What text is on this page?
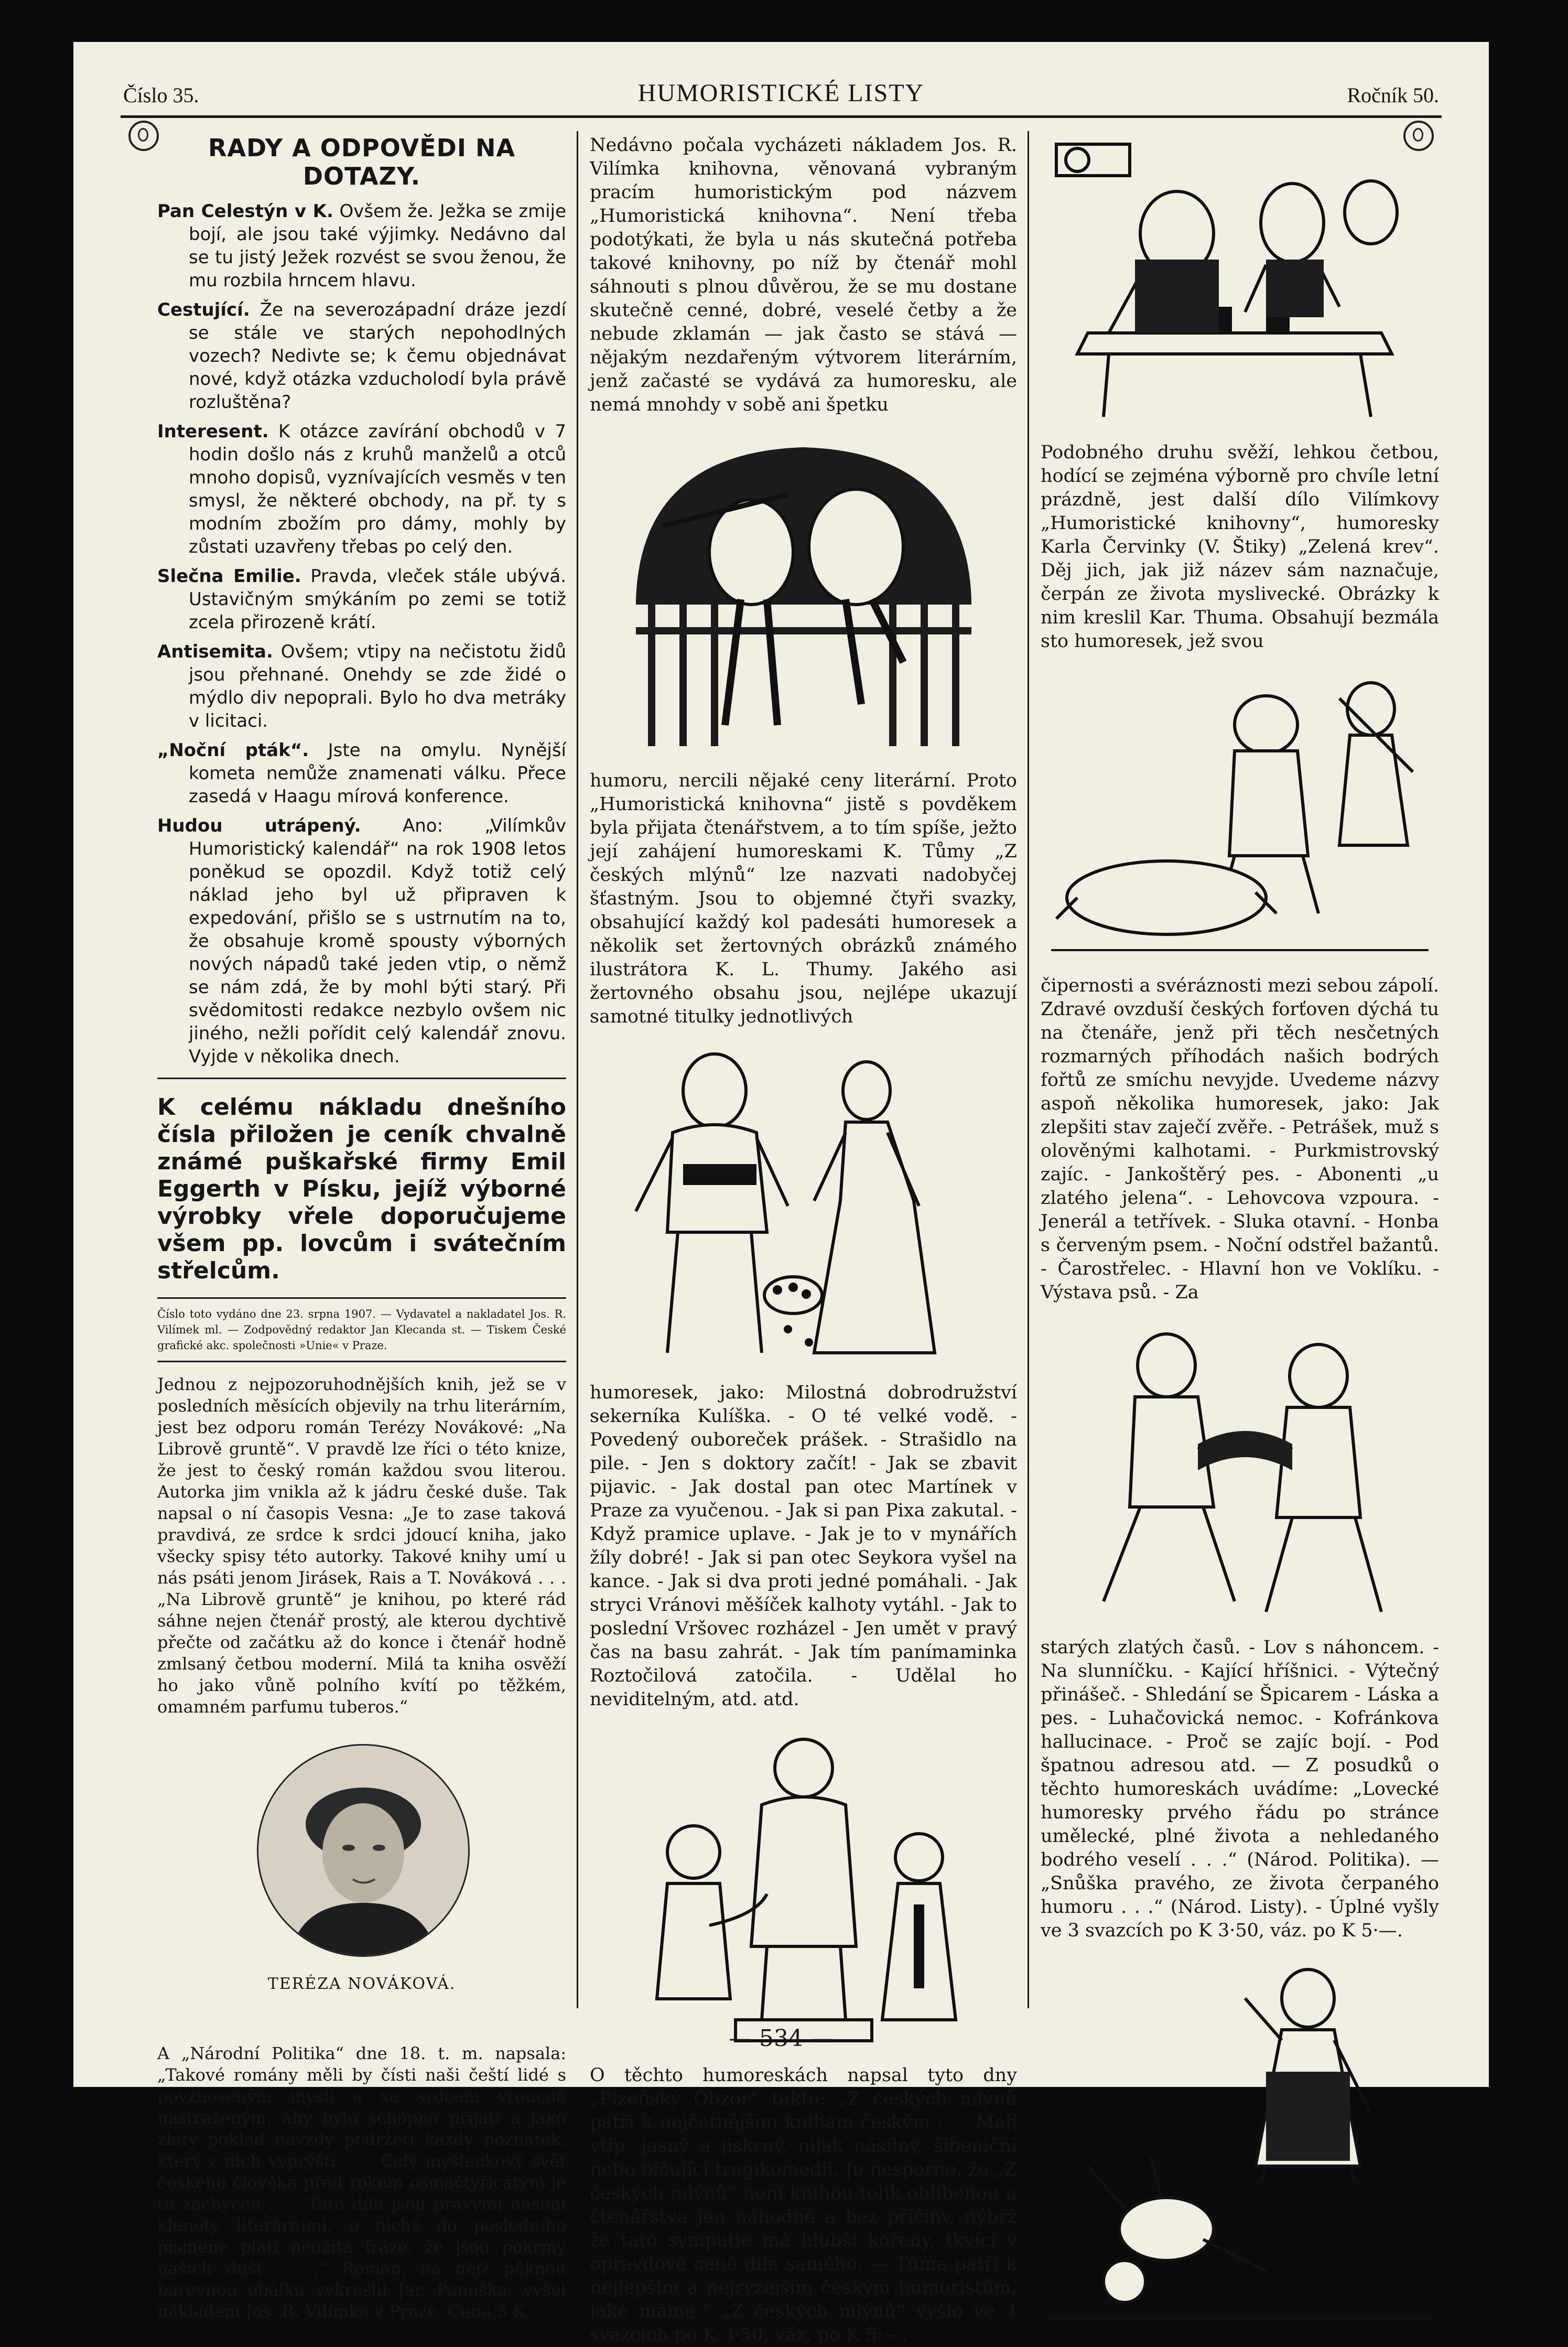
Číslo 35.	HUMORISTICKÉ LISTY	Ročník 50.

RADY A ODPOVĚDI NA DOTAZY.

Pan Celestýn v K. Ovšem že. Ježka se zmije bojí, ale jsou také výjimky. Nedávno dal se tu jistý Ježek rozvést se svou ženou, že mu rozbila hrncem hlavu.

Cestující. Že na severozápadní dráze jezdí se stále ve starých nepohodlných vozech? Nedivte se; k čemu objednávat nové, když otázka vzducholodí byla právě rozluštěna?

Interesent. K otázce zavírání obchodů v 7 hodin došlo nás z kruhů manželů a otců mnoho dopisů, vyznívajících vesměs v ten smysl, že některé obchody, na př. ty s modním zbožím pro dámy, mohly by zůstati uzavřeny třebas po celý den.

Slečna Emilie. Pravda, vleček stále ubývá. Ustavičným smýkáním po zemi se totiž zcela přirozeně krátí.

Antisemita. Ovšem; vtipy na nečistotu židů jsou přehnané. Onehdy se zde židé o mýdlo div nepoprali. Bylo ho dva metráky v licitaci.

„Noční pták“. Jste na omylu. Nynější kometa nemůže znamenati válku. Přece zasedá v Haagu mírová konference.

Hudou utrápený. Ano: „Vilímkův Humoristický kalendář“ na rok 1908 letos poněkud se opozdil. Když totiž celý náklad jeho byl už připraven k expedování, přišlo se s ustrnutím na to, že obsahuje kromě spousty výborných nových nápadů také jeden vtip, o němž se nám zdá, že by mohl býti starý. Při svědomitosti redakce nezbylo ovšem nic jiného, nežli pořídit celý kalendář znovu. Vyjde v několika dnech.

K celému nákladu dnešního čísla přiložen je ceník chvalně známé puškařské firmy Emil Eggerth v Písku, jejíž výborné výrobky vřele doporučujeme všem pp. lovcům i svátečním střelcům.

Číslo toto vydáno dne 23. srpna 1907. — Vydavatel a nakladatel Jos. R. Vilímek ml. — Zodpovědný redaktor Jan Klecanda st. — Tiskem České grafické akc. společnosti »Unie« v Praze.

Jednou z nejpozoruhodnějších knih, jež se v posledních měsících objevily na trhu literárním, jest bez odporu román Terézy Novákové: „Na Librově gruntě“. V pravdě lze říci o této knize, že jest to český román každou svou literou. Autorka jim vnikla až k jádru české duše. Tak napsal o ní časopis Vesna: „Je to zase taková pravdivá, ze srdce k srdci jdoucí kniha, jako všecky spisy této autorky. Takové knihy umí u nás psáti jenom Jirásek, Rais a T. Nováková . . . „Na Librově gruntě“ je knihou, po které rád sáhne nejen čtenář prostý, ale kterou dychtivě přečte od začátku až do konce i čtenář hodně zmlsaný četbou moderní. Milá ta kniha osvěží ho jako vůně polního kvítí po těžkém, omamném parfumu tuberos.“

TERÉZA NOVÁKOVÁ.

A „Národní Politika“ dne 18. t. m. napsala: „Takové romány měli by čísti naši čeští lidé s povzneseným myslí a se srdcem vroucně nastraženým, aby bylo schopno přijati a jako zlatý poklad navždy podržeti každý poznatek, který z nich vyprýští . . . Celý myšlenkový svět českého člověka před rokem osmačtyřicátým je tu zachycen . . . Tato díla jsou pravými našimi klenoty literárními, o nichž do posledního písmene platí neužitá fráze, že jsou pokrmy našich duší . . .“ Román, na nějž pěknou barevnou obálku vykreslil Jar. Panuška, vyšel nákladem Jos. R. Vilímka v Praze. Cena 3 K.

Nedávno počala vycházeti nákladem Jos. R. Vilímka knihovna, věnovaná vybraným pracím humoristickým pod názvem „Humoristická knihovna“. Není třeba podotýkati, že byla u nás skutečná potřeba takové knihovny, po níž by čtenář mohl sáhnouti s plnou důvěrou, že se mu dostane skutečně cenné, dobré, veselé četby a že nebude zklamán — jak často se stává — nějakým nezdařeným výtvorem literárním, jenž začasté se vydává za humoresku, ale nemá mnohdy v sobě ani špetku

humoru, nercili nějaké ceny literární. Proto „Humoristická knihovna“ jistě s povděkem byla přijata čtenářstvem, a to tím spíše, ježto její zahájení humoreskami K. Tůmy „Z českých mlýnů“ lze nazvati nadobyčej šťastným. Jsou to objemné čtyři svazky, obsahující každý kol padesáti humoresek a několik set žertovných obrázků známého ilustrátora K. L. Thumy. Jakého asi žertovného obsahu jsou, nejlépe ukazují samotné titulky jednotlivých

humoresek, jako: Milostná dobrodružství sekerníka Kulíška. - O té velké vodě. - Povedený ouboreček prášek. - Strašidlo na pile. - Jen s doktory začít! - Jak se zbavit pijavic. - Jak dostal pan otec Martínek v Praze za vyučenou. - Jak si pan Pixa zakutal. - Když pramice uplave. - Jak je to v mynářích žíly dobré! - Jak si pan otec Seykora vyšel na kance. - Jak si dva proti jedné pomáhali. - Jak stryci Vránovi měšíček kalhoty vytáhl. - Jak to poslední Vršovec rozházel - Jen umět v pravý čas na basu zahrát. - Jak tím panímaminka Roztočilová zatočila. - Udělal ho neviditelným, atd. atd.

O těchto humoreskách napsal tyto dny „Plzeňský Obzor“ takto: „Z českých mlýnů patří k nejčetnějším knihám českým . . . Mají vtip, jasný a jiskrný, nijak násilný, šibeniční nebo bičující tragikomedii. Je nesporno, že „Z českých mlýnů“ není knihou tolik oblíbenou u čtenářstva jen náhodně a bez příčiny, nýbrž že tato sympatie má hlubší kořeny, tkvící v opravdové ceně díla samého. — Tůma patří k nejlepším a nejryzejším českým humoristům, jaké máme.“ „Z českých mlýnů“ vyšlo ve 4 svazcích po K 3·50, váz, po K 5·—.

Podobného druhu svěží, lehkou četbou, hodící se zejména výborně pro chvíle letní prázdně, jest další dílo Vilímkovy „Humoristické knihovny“, humoresky Karla Červinky (V. Štiky) „Zelená krev“. Děj jich, jak již název sám naznačuje, čerpán ze života myslivecké. Obrázky k nim kreslil Kar. Thuma. Obsahují bezmála sto humoresek, jež svou

čipernosti a svéráznosti mezi sebou zápolí. Zdravé ovzduší českých forťoven dýchá tu na čtenáře, jenž při těch nesčetných rozmarných příhodách našich bodrých fořtů ze smíchu nevyjde. Uvedeme názvy aspoň několika humoresek, jako: Jak zlepšiti stav zaječí zvěře. - Petrášek, muž s olověnými kalhotami. - Purkmistrovský zajíc. - Jankoštěrý pes. - Abonenti „u zlatého jelena“. - Lehovcova vzpoura. - Jenerál a tetřívek. - Sluka otavní. - Honba s červeným psem. - Noční odstřel bažantů. - Čarostřelec. - Hlavní hon ve Voklíku. - Výstava psů. - Za

starých zlatých časů. - Lov s náhoncem. - Na slunníčku. - Kající hříšnici. - Výtečný přinášeč. - Shledání se Špicarem - Láska a pes. - Luhačovická nemoc. - Kofránkova hallucinace. - Proč se zajíc bojí. - Pod špatnou adresou atd. — Z posudků o těchto humoreskách uvádíme: „Lovecké humoresky prvého řádu po stránce umělecké, plné života a nehledaného bodrého veselí . . .“ (Národ. Politika). — „Snůška pravého, ze života čerpaného humoru . . .“ (Národ. Listy). - Úplné vyšly ve 3 svazcích po K 3·50, váz. po K 5·—.

— 534 —
